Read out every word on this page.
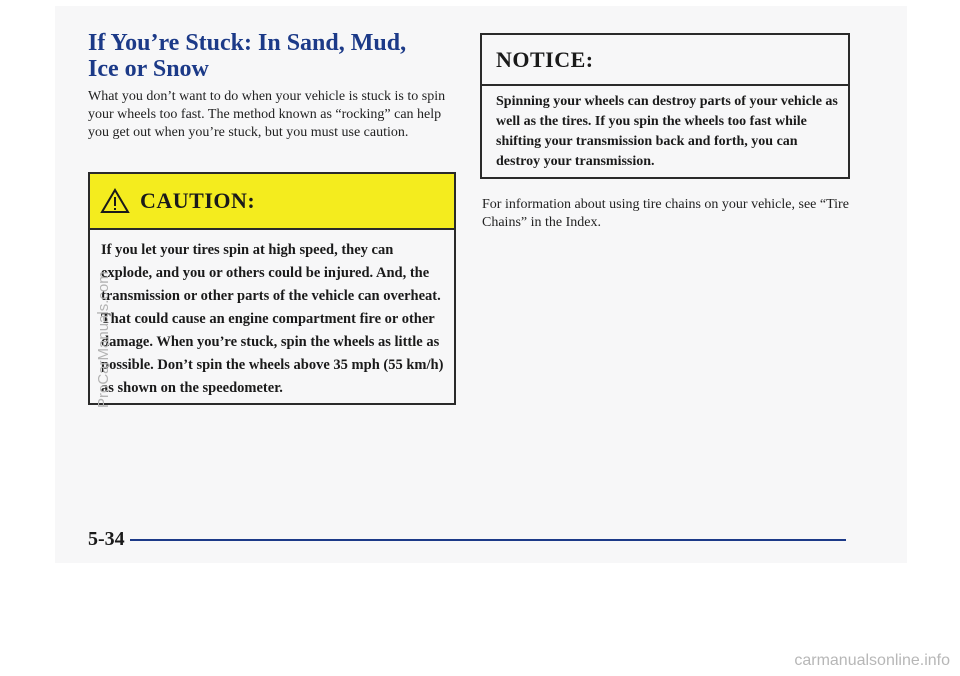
If You’re Stuck: In Sand, Mud,
Ice or Snow

What you don’t want to do when your vehicle is stuck is to spin your wheels too fast. The method known as “rocking” can help you get out when you’re stuck, but you must use caution.

CAUTION:

If you let your tires spin at high speed, they can explode, and you or others could be injured. And, the transmission or other parts of the vehicle can overheat. That could cause an engine compartment fire or other damage. When you’re stuck, spin the wheels as little as possible. Don’t spin the wheels above 35 mph (55 km/h) as shown on the speedometer.

NOTICE:

Spinning your wheels can destroy parts of your vehicle as well as the tires. If you spin the wheels too fast while shifting your transmission back and forth, you can destroy your transmission.

For information about using tire chains on your vehicle, see “Tire Chains” in the Index.

5-34

ProCarManuals.com

carmanualsonline.info
